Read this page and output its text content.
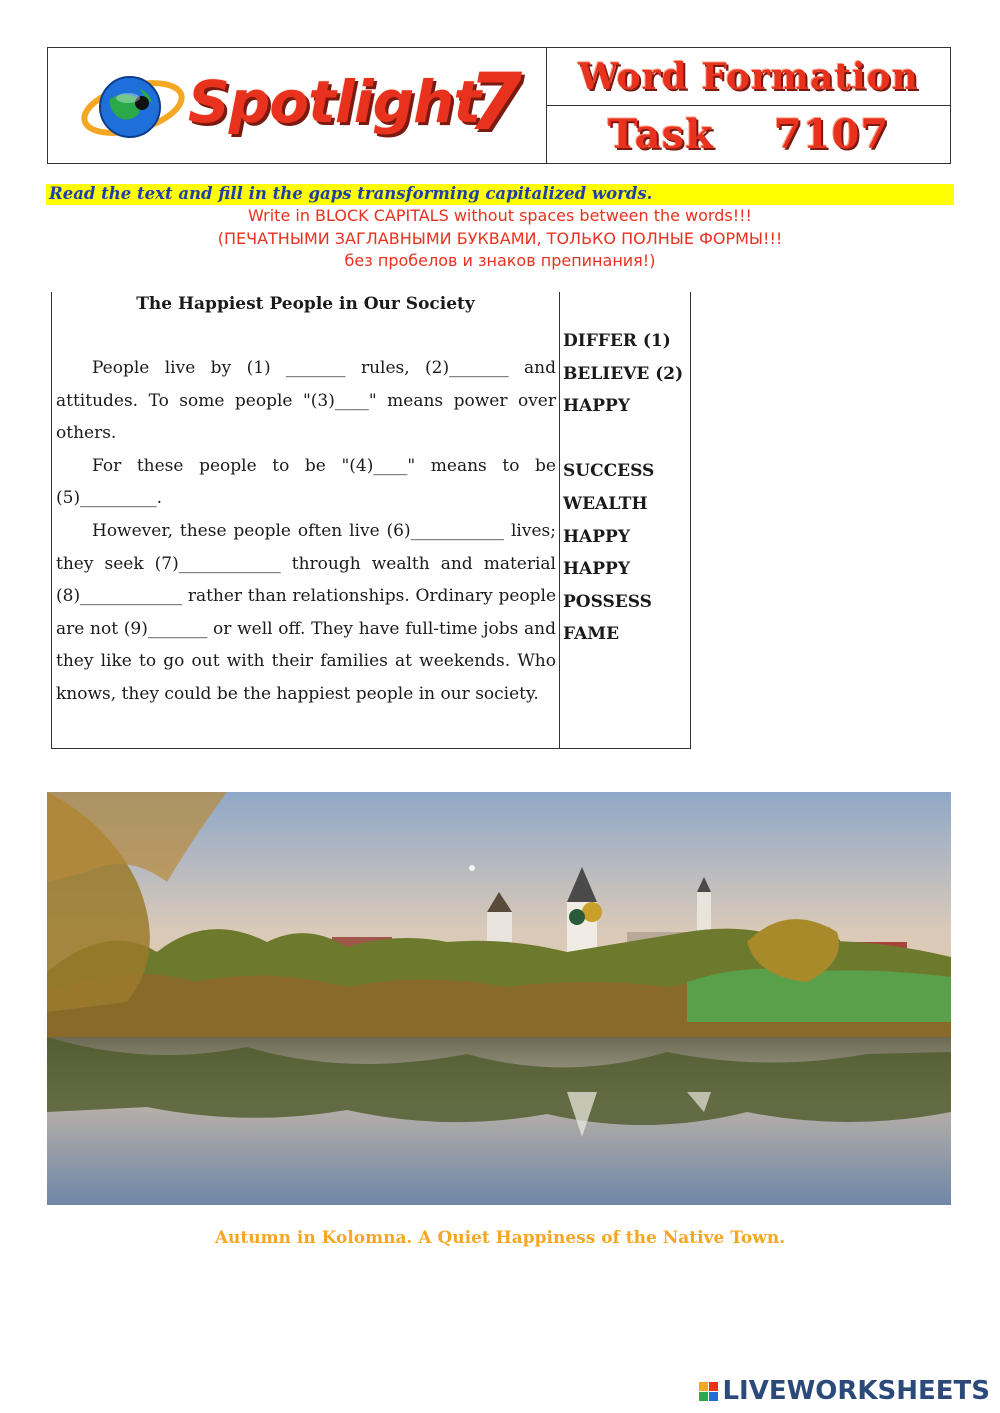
Spotlight
7 Word Formation
Task 7107
Read the text and fill in the gaps transforming capitalized words.
Write in BLOCK CAPITALS without spaces between the words!!!
(ПЕЧАТНЫМИ ЗАГЛАВНЫМИ БУКВАМИ, ТОЛЬКО ПОЛНЫЕ ФОРМЫ!!!
без пробелов и знаков препинания!)
The Happiest People in Our Society

People live by (1) _______ rules, (2)_______ and attitudes. To some people "(3)____" means power over others.

For these people to be "(4)____" means to be (5)_________.

However, these people often live (6)___________ lives; they seek (7)____________ through wealth and material (8)____________ rather than relationships. Ordinary people are not (9)_______ or well off. They have full-time jobs and they like to go out with their families at weekends. Who knows, they could be the happiest people in our society.

DIFFER (1)
BELIEVE (2)
HAPPY
SUCCESS
WEALTH
HAPPY
HAPPY
POSSESS
FAME
Autumn in Kolomna. A Quiet Happiness of the Native Town.
LIVEWORKSHEETS
